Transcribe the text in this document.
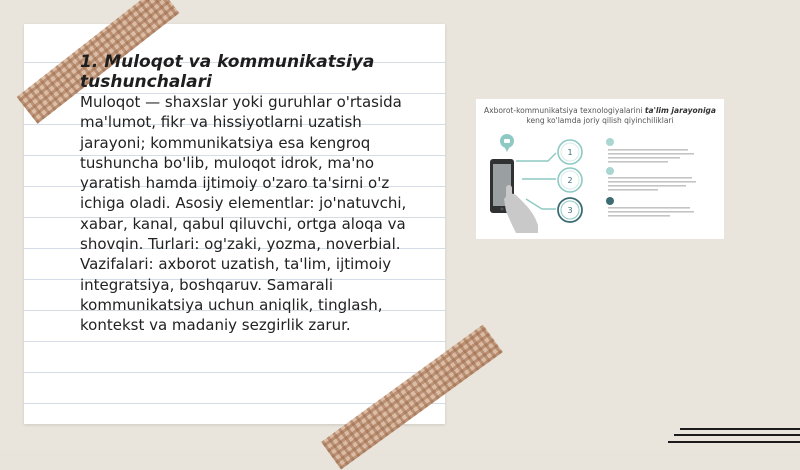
1. Muloqot va kommunikatsiya tushunchalari

Muloqot — shaxslar yoki guruhlar o'rtasida ma'lumot, fikr va hissiyotlarni uzatish jarayoni; kommunikatsiya esa kengroq tushuncha bo'lib, muloqot idrok, ma'no yaratish hamda ijtimoiy o'zaro ta'sirni o'z ichiga oladi. Asosiy elementlar: jo'natuvchi, xabar, kanal, qabul qiluvchi, ortga aloqa va shovqin. Turlari: og'zaki, yozma, noverbial. Vazifalari: axborot uzatish, ta'lim, ijtimoiy integratsiya, boshqaruv. Samarali kommunikatsiya uchun aniqlik, tinglash, kontekst va madaniy sezgirlik zarur.

1
2
3
Axborot-kommunikatsiya texnologiyalarini ta'lim jarayoniga keng ko'lamda joriy qilish qiyinchiliklari
